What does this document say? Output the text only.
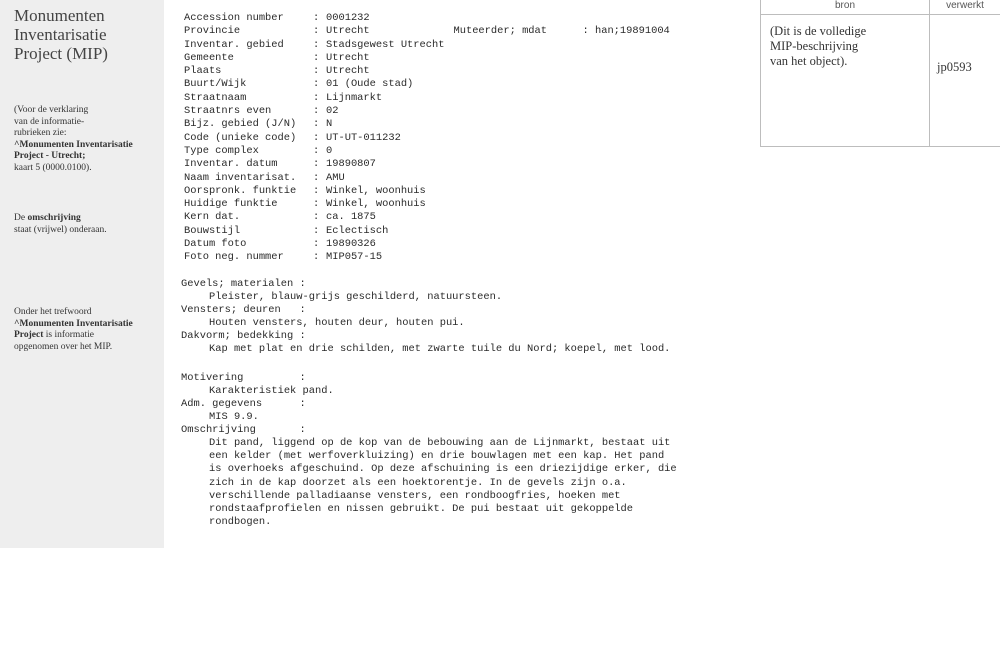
Monumenten
Inventarisatie
Project (MIP)
(Voor de verklaring
van de informatie-
rubrieken zie:
^Monumenten Inventarisatie
Project - Utrecht;
kaart 5 (0000.0100).
De omschrijving
staat (vrijwel) onderaan.
Onder het trefwoord
^Monumenten Inventarisatie
Project is informatie
opgenomen over het MIP.
Accession number	: 0001232
Provincie	: Utrecht
Inventar. gebied	: Stadsgewest Utrecht
Gemeente	: Utrecht
Plaats	: Utrecht
Buurt/Wijk	: 01 (Oude stad)
Straatnaam	: Lijnmarkt
Straatnrs even	: 02
Bijz. gebied (J/N) : N
Code (unieke code) : UT-UT-011232
Type complex	: 0
Inventar. datum	: 19890807
Naam inventarisat. : AMU
Oorspronk. funktie : Winkel, woonhuis
Huidige funktie	: Winkel, woonhuis
Kern dat.	: ca. 1875
Bouwstijl	: Eclectisch
Datum foto	: 19890326
Foto neg. nummer	: MIP057-15

Muteerder; mdat	: han;19891004

Gevels; materialen :
Pleister, blauw-grijs geschilderd, natuursteen.
Vensters; deuren   :
Houten vensters, houten deur, houten pui.
Dakvorm; bedekking :
Kap met plat en drie schilden, met zwarte tuile du Nord; koepel, met lood.
Motivering         :
Karakteristiek pand.
Adm. gegevens      :
MIS 9.9.
Omschrijving       :
Dit pand, liggend op de kop van de bebouwing aan de Lijnmarkt, bestaat uit
een kelder (met werfoverkluizing) en drie bouwlagen met een kap. Het pand
is overhoeks afgeschuind. Op deze afschuining is een driezijdige erker, die
zich in de kap doorzet als een hoektorentje. In de gevels zijn o.a.
verschillende palladiaanse vensters, een rondboogfries, hoeken met
rondstaafprofielen en nissen gebruikt. De pui bestaat uit gekoppelde
rondbogen.
bron	verwerkt
(Dit is de volledige
MIP-beschrijving
van het object).	jp0593
